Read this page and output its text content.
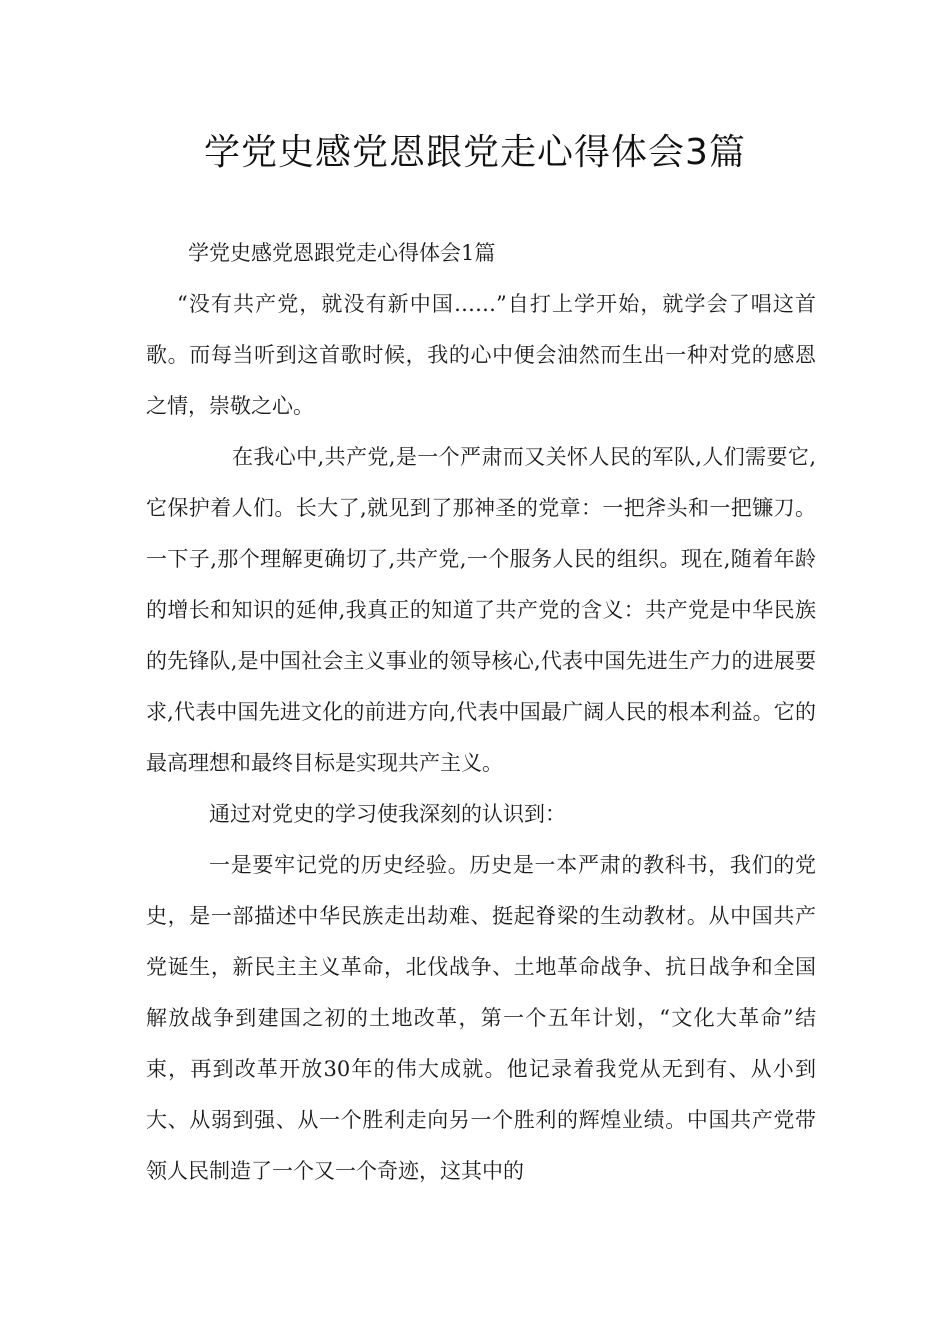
学党史感党恩跟党走心得体会3篇

学党史感党恩跟党走心得体会1篇

“没有共产党，就没有新中国……”自打上学开始，就学会了唱这首歌。而每当听到这首歌时候，我的心中便会油然而生出一种对党的感恩之情，崇敬之心。

在我心中,共产党,是一个严肃而又关怀人民的军队,人们需要它,它保护着人们。长大了,就见到了那神圣的党章：一把斧头和一把镰刀。一下子,那个理解更确切了,共产党,一个服务人民的组织。现在,随着年龄的增长和知识的延伸,我真正的知道了共产党的含义：共产党是中华民族的先锋队,是中国社会主义事业的领导核心,代表中国先进生产力的进展要求,代表中国先进文化的前进方向,代表中国最广阔人民的根本利益。它的最高理想和最终目标是实现共产主义。

通过对党史的学习使我深刻的认识到：

一是要牢记党的历史经验。历史是一本严肃的教科书，我们的党史，是一部描述中华民族走出劫难、挺起脊梁的生动教材。从中国共产党诞生，新民主主义革命，北伐战争、土地革命战争、抗日战争和全国解放战争到建国之初的土地改革，第一个五年计划，“文化大革命”结束，再到改革开放30年的伟大成就。他记录着我党从无到有、从小到大、从弱到强、从一个胜利走向另一个胜利的辉煌业绩。中国共产党带领人民制造了一个又一个奇迹，这其中的
